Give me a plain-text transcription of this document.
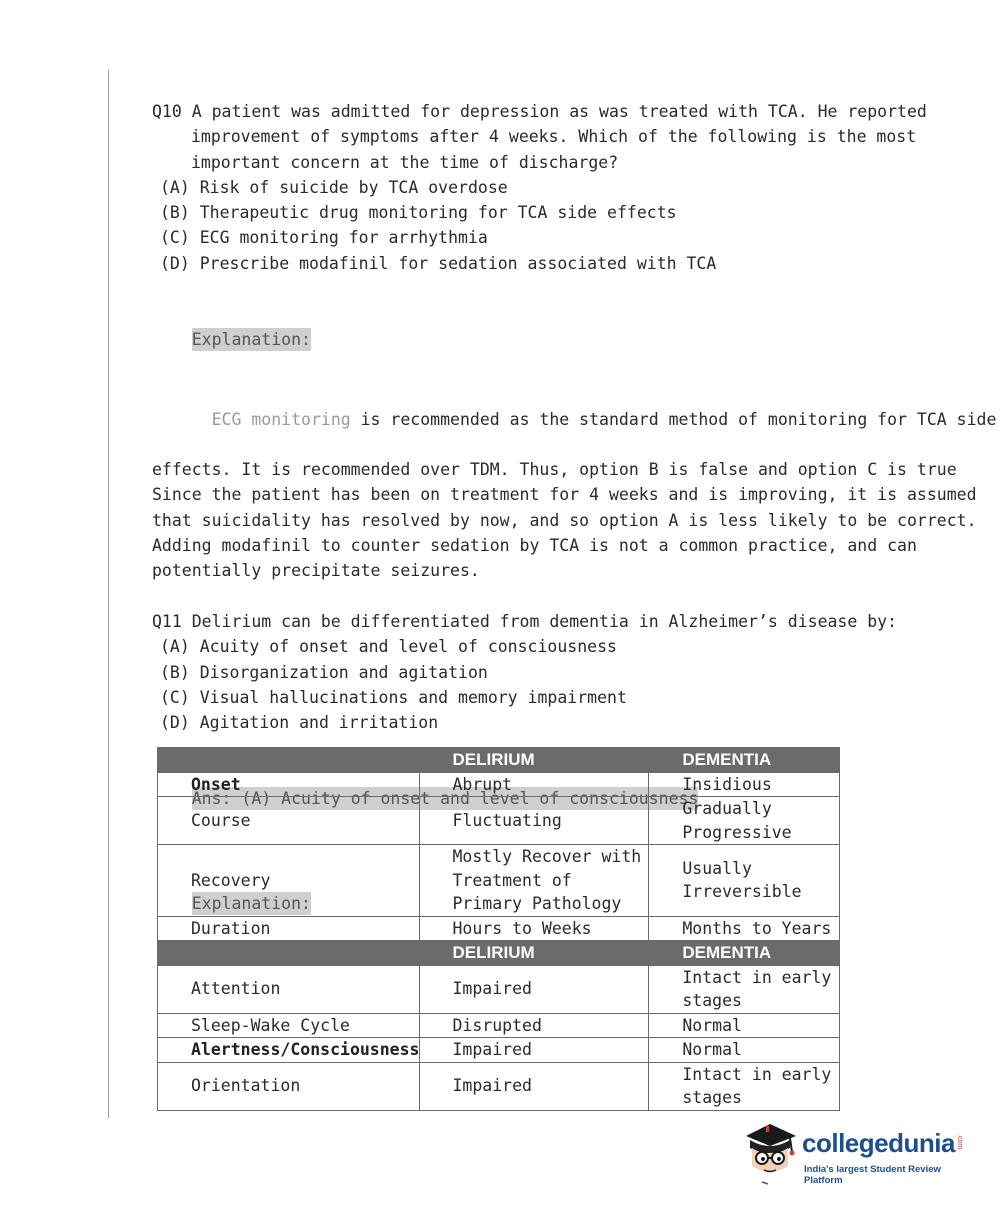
Q10 A patient was admitted for depression as was treated with TCA. He reported
improvement of symptoms after 4 weeks. Which of the following is the most
important concern at the time of discharge?
(A) Risk of suicide by TCA overdose
(B) Therapeutic drug monitoring for TCA side effects
(C) ECG monitoring for arrhythmia
(D) Prescribe modafinil for sedation associated with TCA

Explanation:

ECG monitoring is recommended as the standard method of monitoring for TCA side

effects. It is recommended over TDM. Thus, option B is false and option C is true
Since the patient has been on treatment for 4 weeks and is improving, it is assumed
that suicidality has resolved by now, and so option A is less likely to be correct.
Adding modafinil to counter sedation by TCA is not a common practice, and can
potentially precipitate seizures.
Q11 Delirium can be differentiated from dementia in Alzheimer’s disease by:
(A) Acuity of onset and level of consciousness
(B) Disorganization and agitation
(C) Visual hallucinations and memory impairment
(D) Agitation and irritation

Ans: (A) Acuity of onset and level of consciousness

Explanation:

	DELIRIUM	DEMENTIA
Onset	Abrupt	Insidious
Course	Fluctuating	Gradually Progressive
Recovery	Mostly Recover with Treatment of Primary Pathology	Usually Irreversible
Duration	Hours to Weeks	Months to Years
	DELIRIUM	DEMENTIA
Attention	Impaired	Intact in early stages
Sleep-Wake Cycle	Disrupted	Normal
Alertness/Consciousness	Impaired	Normal
Orientation	Impaired	Intact in early stages
collegedunia .com
India's largest Student Review Platform
